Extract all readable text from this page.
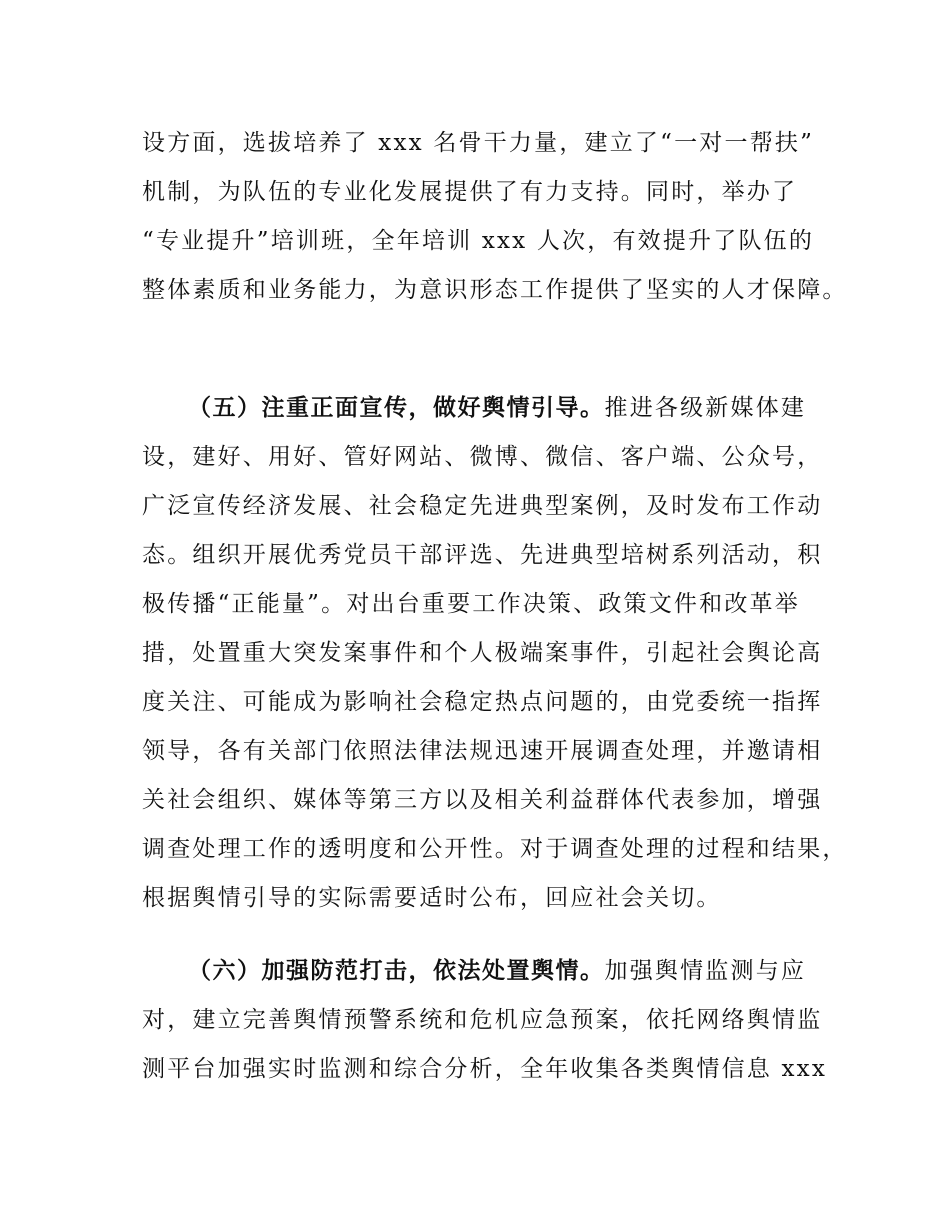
设方面，选拔培养了 xxx 名骨干力量，建立了“一对一帮扶”
机制，为队伍的专业化发展提供了有力支持。同时，举办了
“专业提升”培训班，全年培训 xxx 人次，有效提升了队伍的
整体素质和业务能力，为意识形态工作提供了坚实的人才保障。
（五）注重正面宣传，做好舆情引导。推进各级新媒体建
设，建好、用好、管好网站、微博、微信、客户端、公众号，
广泛宣传经济发展、社会稳定先进典型案例，及时发布工作动
态。组织开展优秀党员干部评选、先进典型培树系列活动，积
极传播“正能量”。对出台重要工作决策、政策文件和改革举
措，处置重大突发案事件和个人极端案事件，引起社会舆论高
度关注、可能成为影响社会稳定热点问题的，由党委统一指挥
领导，各有关部门依照法律法规迅速开展调查处理，并邀请相
关社会组织、媒体等第三方以及相关利益群体代表参加，增强
调查处理工作的透明度和公开性。对于调查处理的过程和结果，
根据舆情引导的实际需要适时公布，回应社会关切。
（六）加强防范打击，依法处置舆情。加强舆情监测与应
对，建立完善舆情预警系统和危机应急预案，依托网络舆情监
测平台加强实时监测和综合分析，全年收集各类舆情信息 xxx
